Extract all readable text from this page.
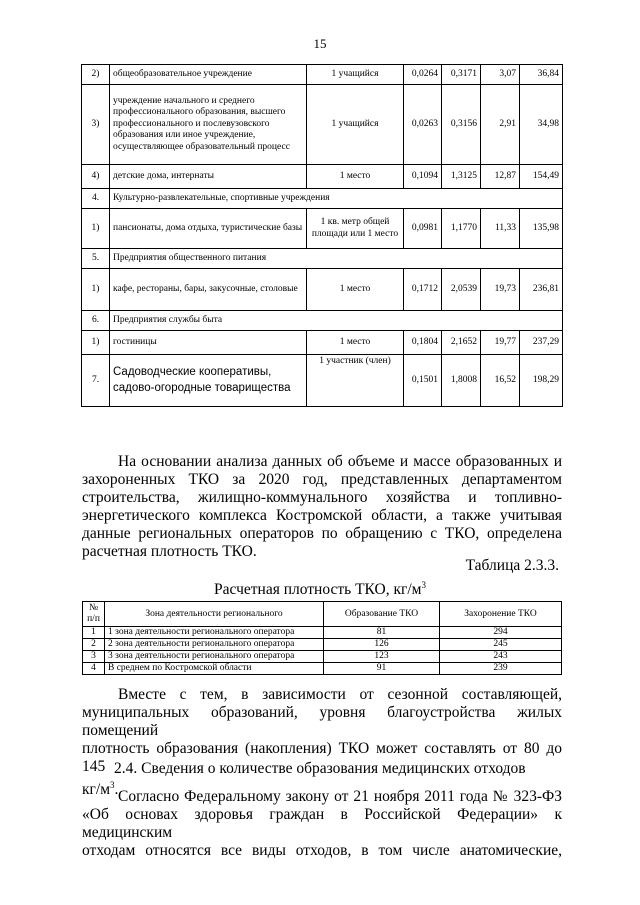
15
2)	общеобразовательное учреждение	1 учащийся	0,0264	0,3171	3,07	36,84
3)	учреждение начального и среднего профессионального образования, высшего профессионального и послевузовского образования или иное учреждение, осуществляющее образовательный процесс	1 учащийся	0,0263	0,3156	2,91	34,98
4)	детские дома, интернаты	1 место	0,1094	1,3125	12,87	154,49
4.	Культурно-развлекательные, спортивные учреждения					
1)	пансионаты, дома отдыха, туристические базы	1 кв. метр общей площади или 1 место	0,0981	1,1770	11,33	135,98
5.	Предприятия общественного питания					
1)	кафе, рестораны, бары, закусочные, столовые	1 место	0,1712	2,0539	19,73	236,81
6.	Предприятия службы быта					
1)	гостиницы	1 место	0,1804	2,1652	19,77	237,29
7.	Садоводческие кооперативы, садово-огородные товарищества	1 участник (член)	0,1501	1,8008	16,52	198,29
На основании анализа данных об объеме и массе образованных и
захороненных ТКО за 2020 год, представленных департаментом
строительства, жилищно-коммунального хозяйства и топливно-
энергетического комплекса Костромской области, а также учитывая
данные региональных операторов по обращению с ТКО, определена
расчетная плотность ТКО.
Таблица 2.3.3.
Расчетная плотность ТКО, $кг/м^3$
№ п/п	Зона деятельности регионального	Образование ТКО	Захоронение ТКО
1	1 зона деятельности регионального оператора	81	294
2	2 зона деятельности регионального оператора	126	245
3	3 зона деятельности регионального оператора	123	243
4	В среднем по Костромской области	91	239
Вместе с тем, в зависимости от сезонной составляющей,
муниципальных образований, уровня благоустройства жилых помещений
плотность образования (накопления) ТКО может составлять от 80 до 145
$кг/м^3$.
2.4. Сведения о количестве образования медицинских отходов
Согласно Федеральному закону от 21 ноября 2011 года № 323-ФЗ
«Об основах здоровья граждан в Российской Федерации» к медицинским
отходам относятся все виды отходов, в том числе анатомические,
